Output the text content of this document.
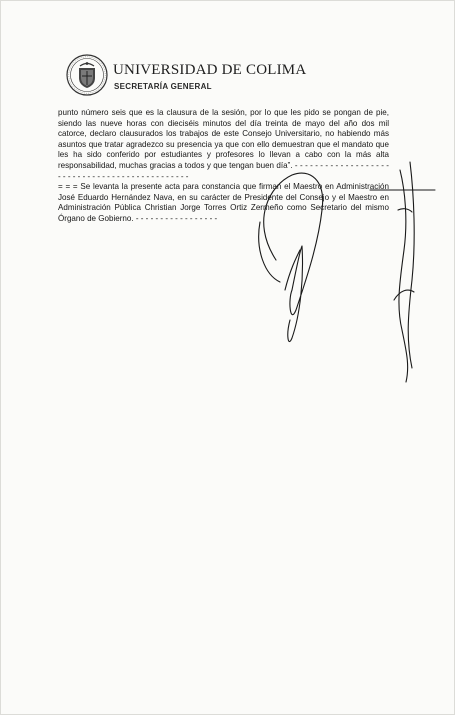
UNIVERSIDAD DE COLIMA
SECRETARÍA GENERAL

punto número seis que es la clausura de la sesión, por lo que les pido se pongan de pie, siendo las nueve horas con dieciséis minutos del día treinta de mayo del año dos mil catorce, declaro clausurados los trabajos de este Consejo Universitario, no habiendo más asuntos que tratar agradezco su presencia ya que con ello demuestran que el mandato que les ha sido conferido por estudiantes y profesores lo llevan a cabo con la más alta responsabilidad, muchas gracias a todos y que tengan buen día”. - - - - - - - - - - - - - - - - - - - - - - - - - - - - - - - - - - - - - - - - - - - - - -

= = = Se levanta la presente acta para constancia que firman el Maestro en Administración José Eduardo Hernández Nava, en su carácter de Presidente del Consejo y el Maestro en Administración Pública Christian Jorge Torres Ortiz Zermeño como Secretario del mismo Órgano de Gobierno. - - - - - - - - - - - - - - - - -
